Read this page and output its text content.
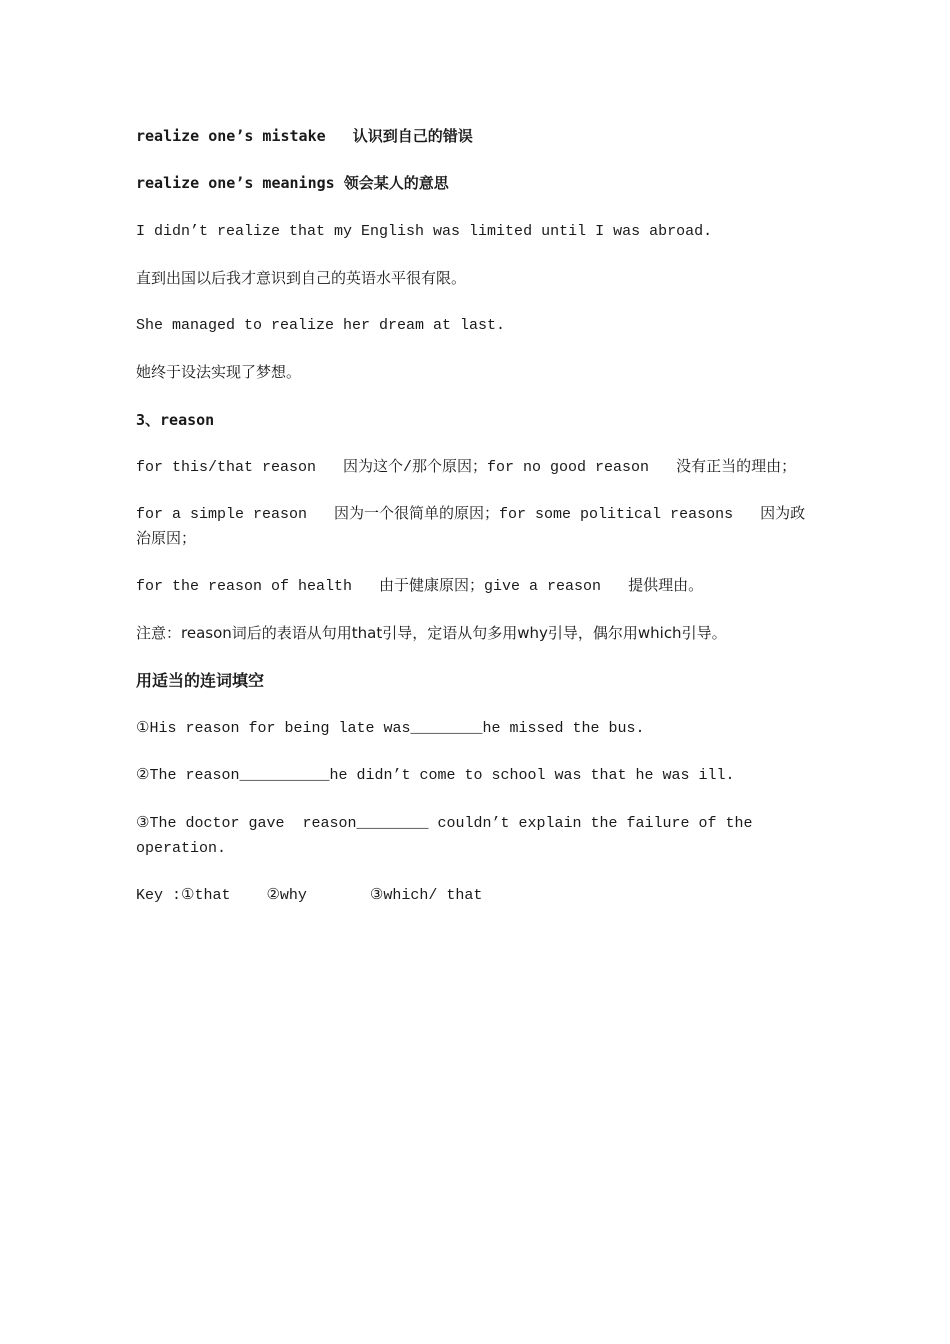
realize one’s mistake   认识到自己的错误

realize one’s meanings 领会某人的意思

I didn’t realize that my English was limited until I was abroad.

直到出国以后我才意识到自己的英语水平很有限。

She managed to realize her dream at last.

她终于设法实现了梦想。

3、reason

for this/that reason   因为这个/那个原因；for no good reason   没有正当的理由；

for a simple reason   因为一个很简单的原因；for some political reasons   因为政治原因；

for the reason of health   由于健康原因；give a reason   提供理由。

注意：reason词后的表语从句用that引导，定语从句多用why引导，偶尔用which引导。

用适当的连词填空

①His reason for being late was________he missed the bus.

②The reason__________he didn’t come to school was that he was ill.

③The doctor gave  reason________ couldn’t explain the failure of the operation.

Key :①that    ②why       ③which/ that
